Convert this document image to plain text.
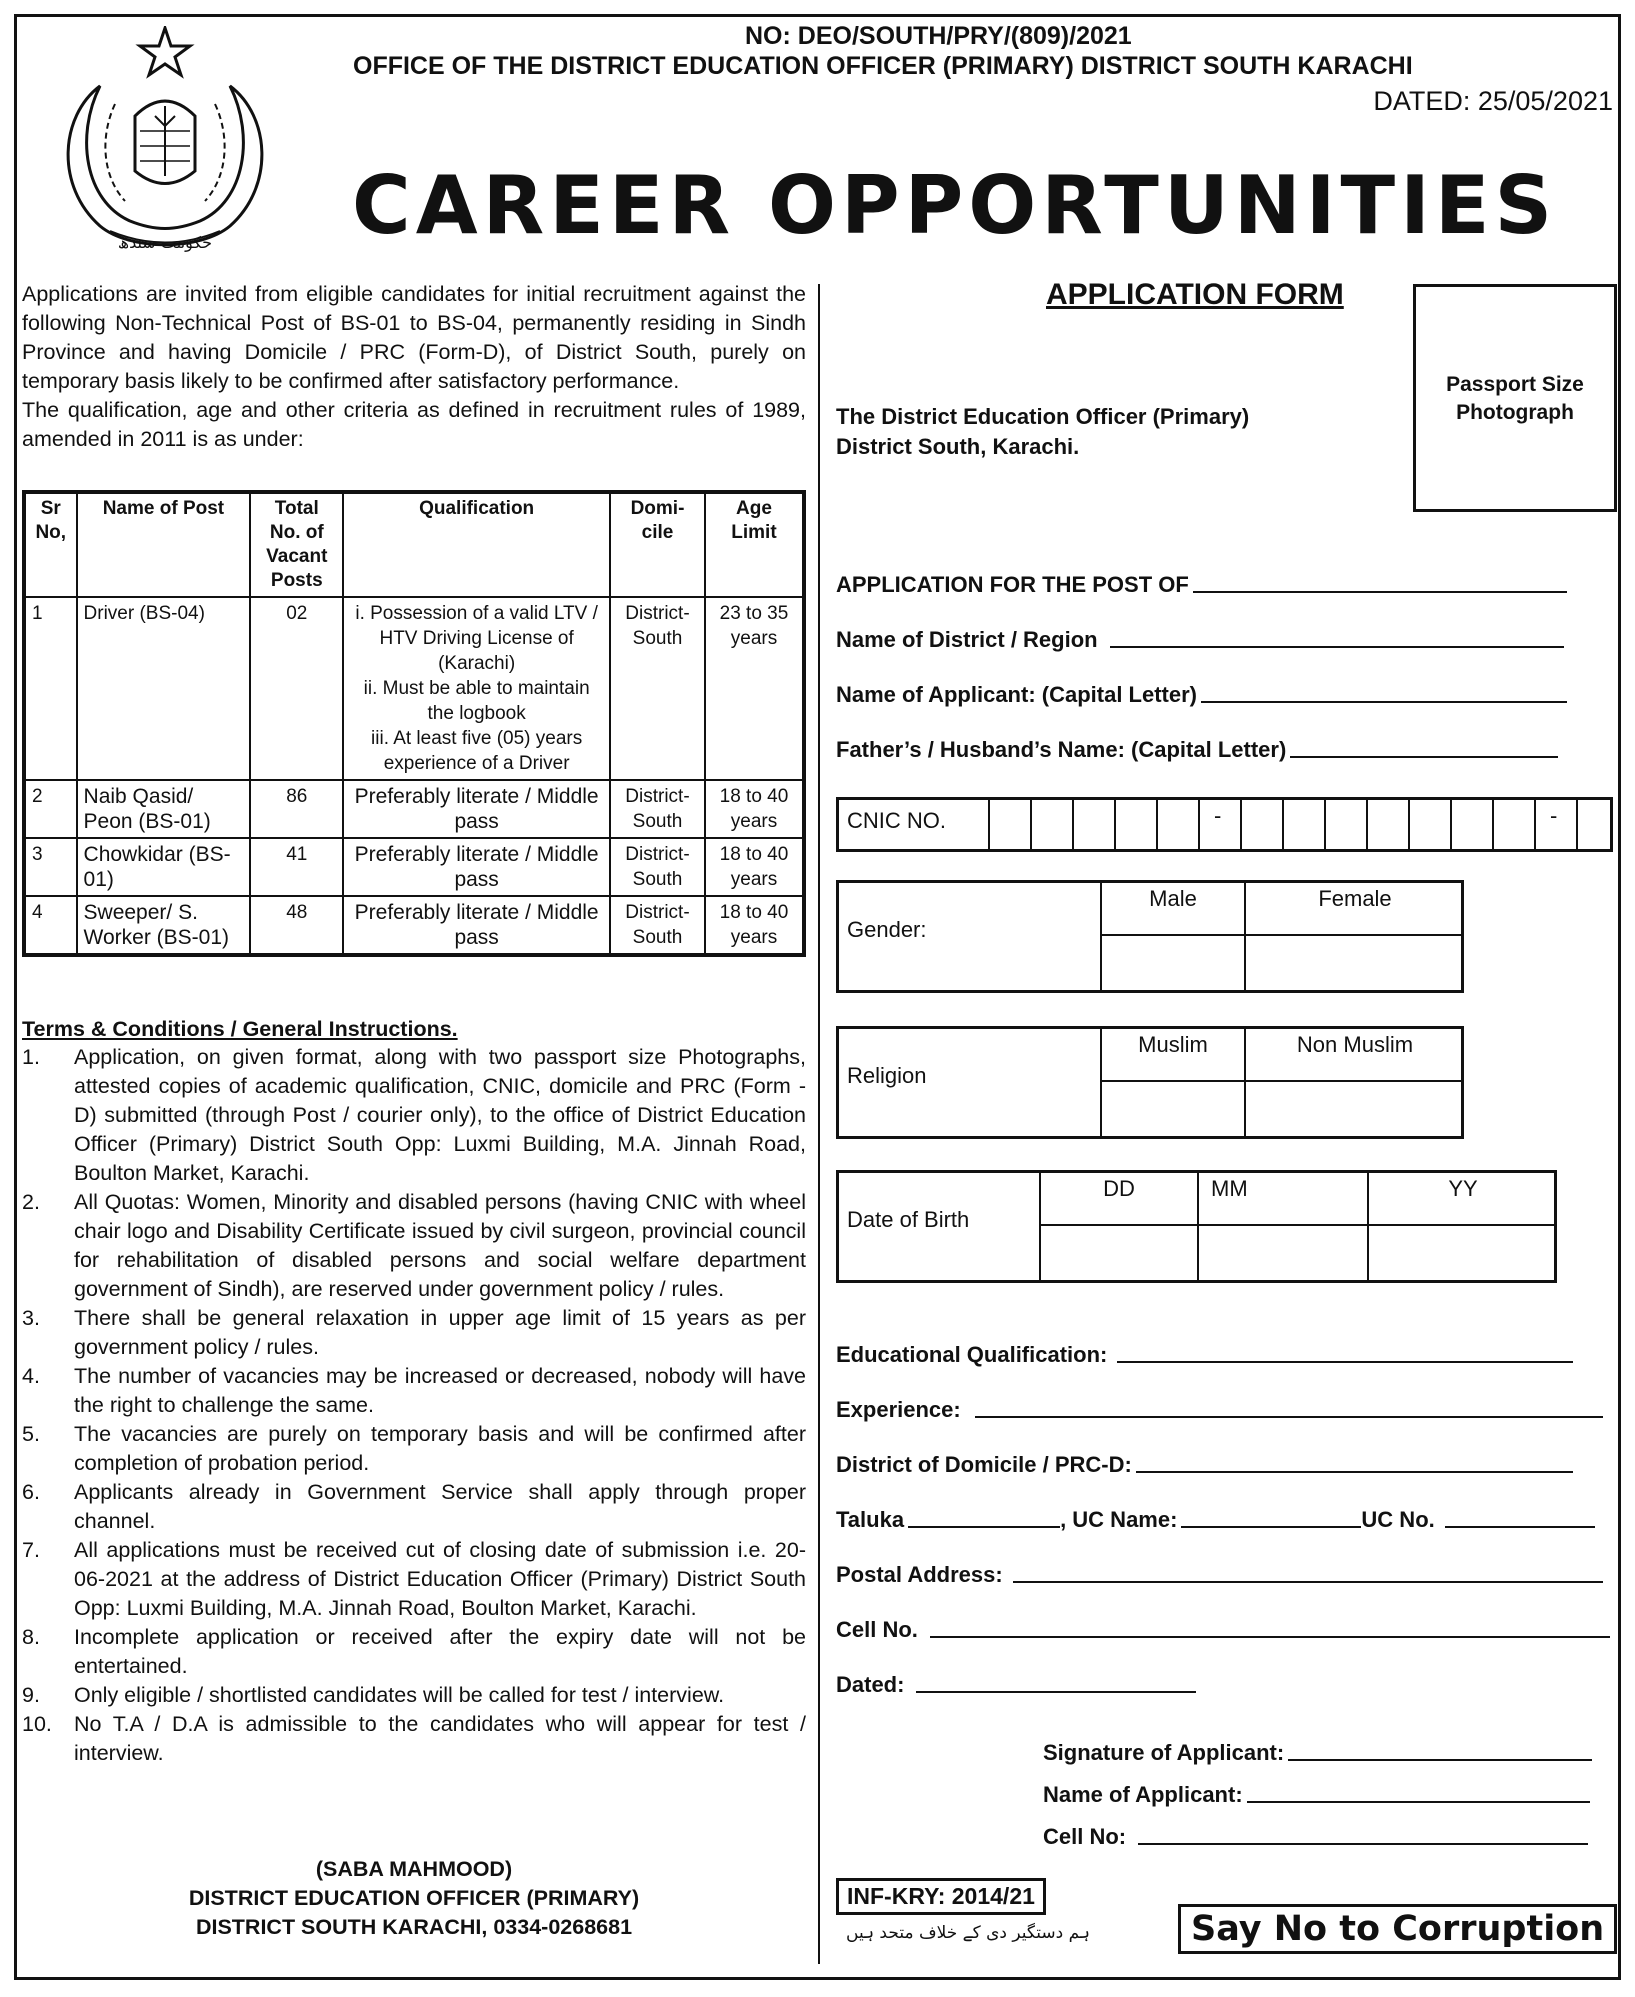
حکومت سندھ
NO: DEO/SOUTH/PRY/(809)/2021
OFFICE OF THE DISTRICT EDUCATION OFFICER (PRIMARY) DISTRICT SOUTH KARACHI
DATED: 25/05/2021
CAREER OPPORTUNITIES
Applications are invited from eligible candidates for initial recruitment against the following Non-Technical Post of BS-01 to BS-04, permanently residing in Sindh Province and having Domicile / PRC (Form-D), of District South, purely on temporary basis likely to be confirmed after satisfactory performance.
The qualification, age and other criteria as defined in recruitment rules of 1989, amended in 2011 is as under:
Sr No,	Name of Post	Total No. of Vacant Posts	Qualification	Domi-cile	Age Limit
1	Driver (BS-04)	02	i. Possession of a valid LTV / HTV Driving License of (Karachi)
ii. Must be able to maintain the logbook
iii. At least five (05) years experience of a Driver	District-South	23 to 35 years
2	Naib Qasid/ Peon (BS-01)	86	Preferably literate / Middle pass	District-South	18 to 40 years
3	Chowkidar (BS-01)	41	Preferably literate / Middle pass	District-South	18 to 40 years
4	Sweeper/ S. Worker (BS-01)	48	Preferably literate / Middle pass	District-South	18 to 40 years
Terms & Conditions / General Instructions.
1. Application, on given format, along with two passport size Photographs, attested copies of academic qualification, CNIC, domicile and PRC (Form - D) submitted (through Post / courier only), to the office of District Education Officer (Primary) District South Opp: Luxmi Building, M.A. Jinnah Road, Boulton Market, Karachi.
2. All Quotas: Women, Minority and disabled persons (having CNIC with wheel chair logo and Disability Certificate issued by civil surgeon, provincial council for rehabilitation of disabled persons and social welfare department government of Sindh), are reserved under government policy / rules.
3. There shall be general relaxation in upper age limit of 15 years as per government policy / rules.
4. The number of vacancies may be increased or decreased, nobody will have the right to challenge the same.
5. The vacancies are purely on temporary basis and will be confirmed after completion of probation period.
6. Applicants already in Government Service shall apply through proper channel.
7. All applications must be received cut of closing date of submission i.e. 20-06-2021 at the address of District Education Officer (Primary) District South Opp: Luxmi Building, M.A. Jinnah Road, Boulton Market, Karachi.
8. Incomplete application or received after the expiry date will not be entertained.
9. Only eligible / shortlisted candidates will be called for test / interview.
10. No T.A / D.A is admissible to the candidates who will appear for test / interview.
(SABA MAHMOOD)
DISTRICT EDUCATION OFFICER (PRIMARY)
DISTRICT SOUTH KARACHI, 0334-0268681
APPLICATION FORM
Passport Size Photograph
The District Education Officer (Primary)
District South, Karachi.
APPLICATION FOR THE POST OF
Name of District / Region
Name of Applicant: (Capital Letter)
Father’s / Husband’s Name: (Capital Letter)
CNIC NO.	-	-
Gender:
Male	Female
Religion
Muslim	Non Muslim
Date of Birth
DD	MM	YY
Educational Qualification:
Experience:
District of Domicile / PRC-D:
Taluka	, UC Name:	UC No.
Postal Address:
Cell No.
Dated:
Signature of Applicant:
Name of Applicant:
Cell No:
INF-KRY: 2014/21
ہم دستگیر دی کے خلاف متحد ہیں	Say No to Corruption
